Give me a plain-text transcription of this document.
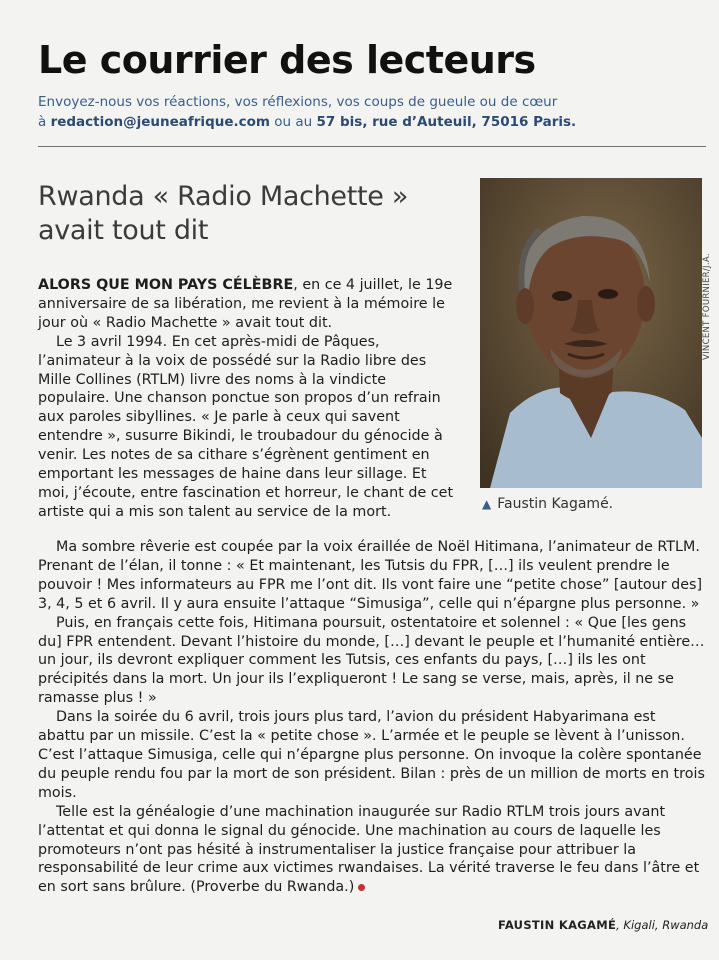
Le courrier des lecteurs
Envoyez-nous vos réactions, vos réflexions, vos coups de gueule ou de cœur
à redaction@jeuneafrique.com ou au 57 bis, rue d’Auteuil, 75016 Paris.
Rwanda « Radio Machette » avait tout dit
VINCENT FOURNIER/J.A.
▲ Faustin Kagamé.

ALORS QUE MON PAYS CÉLÈBRE, en ce 4 juillet, le 19e anniversaire de sa libération, me revient à la mémoire le jour où « Radio Machette » avait tout dit.

Le 3 avril 1994. En cet après-midi de Pâques, l’animateur à la voix de possédé sur la Radio libre des Mille Collines (RTLM) livre des noms à la vindicte populaire. Une chanson ponctue son propos d’un refrain aux paroles sibyllines. « Je parle à ceux qui savent entendre », susurre Bikindi, le troubadour du génocide à venir. Les notes de sa cithare s’égrènent gentiment en emportant les messages de haine dans leur sillage. Et moi, j’écoute, entre fascination et horreur, le chant de cet artiste qui a mis son talent au service de la mort.

Ma sombre rêverie est coupée par la voix éraillée de Noël Hitimana, l’animateur de RTLM. Prenant de l’élan, il tonne : « Et maintenant, les Tutsis du FPR, […] ils veulent prendre le pouvoir ! Mes informateurs au FPR me l’ont dit. Ils vont faire une “petite chose” [autour des] 3, 4, 5 et 6 avril. Il y aura ensuite l’attaque “Simusiga”, celle qui n’épargne plus personne. »

Puis, en français cette fois, Hitimana poursuit, ostentatoire et solennel : « Que [les gens du] FPR entendent. Devant l’histoire du monde, […] devant le peuple et l’humanité entière… un jour, ils devront expliquer comment les Tutsis, ces enfants du pays, […] ils les ont précipités dans la mort. Un jour ils l’expliqueront ! Le sang se verse, mais, après, il ne se ramasse plus ! »

Dans la soirée du 6 avril, trois jours plus tard, l’avion du président Habyarimana est abattu par un missile. C’est la « petite chose ». L’armée et le peuple se lèvent à l’unisson. C’est l’attaque Simusiga, celle qui n’épargne plus personne. On invoque la colère spontanée du peuple rendu fou par la mort de son président. Bilan : près de un million de morts en trois mois.

Telle est la généalogie d’une machination inaugurée sur Radio RTLM trois jours avant l’attentat et qui donna le signal du génocide. Une machination au cours de laquelle les promoteurs n’ont pas hésité à instrumentaliser la justice française pour attribuer la responsabilité de leur crime aux victimes rwandaises. La vérité traverse le feu dans l’âtre et en sort sans brûlure. (Proverbe du Rwanda.)

FAUSTIN KAGAMÉ, Kigali, Rwanda
